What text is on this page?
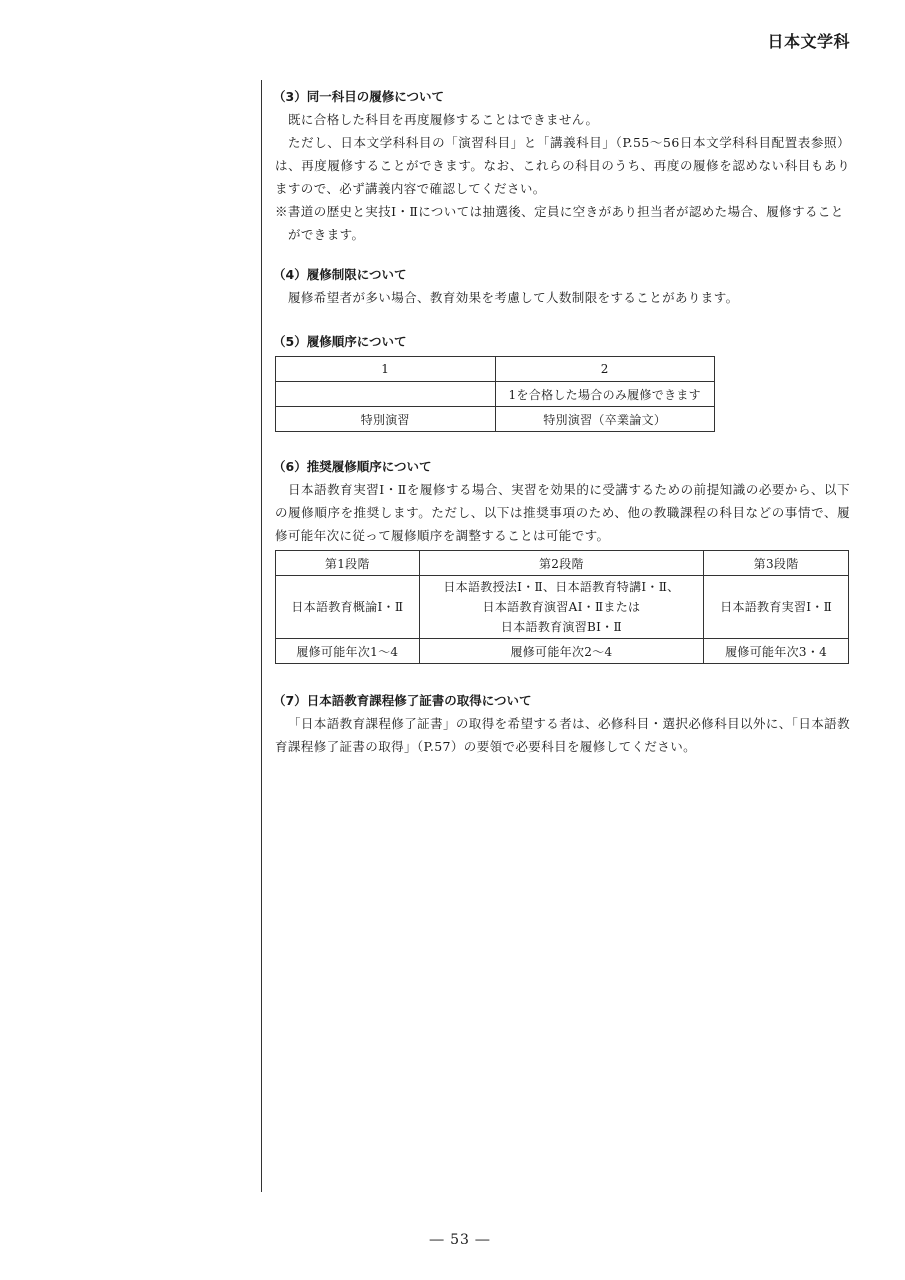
日本文学科
（3）同一科目の履修について

既に合格した科目を再度履修することはできません。

ただし、日本文学科科目の「演習科目」と「講義科目」（P.55～56日本文学科科目配置表参照）は、再度履修することができます。なお、これらの科目のうち、再度の履修を認めない科目もありますので、必ず講義内容で確認してください。

※書道の歴史と実技Ⅰ・Ⅱについては抽選後、定員に空きがあり担当者が認めた場合、履修することができます。

（4）履修制限について

履修希望者が多い場合、教育効果を考慮して人数制限をすることがあります。

（5）履修順序について
1	2
	1を合格した場合のみ履修できます
特別演習	特別演習（卒業論文）
（6）推奨履修順序について

日本語教育実習Ⅰ・Ⅱを履修する場合、実習を効果的に受講するための前提知識の必要から、以下の履修順序を推奨します。ただし、以下は推奨事項のため、他の教職課程の科目などの事情で、履修可能年次に従って履修順序を調整することは可能です。

第1段階	第2段階	第3段階
日本語教育概論Ⅰ・Ⅱ	日本語教授法Ⅰ・Ⅱ、日本語教育特講Ⅰ・Ⅱ、
日本語教育演習AⅠ・Ⅱまたは
日本語教育演習BⅠ・Ⅱ	日本語教育実習Ⅰ・Ⅱ
履修可能年次1～4	履修可能年次2～4	履修可能年次3・4
（7）日本語教育課程修了証書の取得について

「日本語教育課程修了証書」の取得を希望する者は、必修科目・選択必修科目以外に、「日本語教育課程修了証書の取得」（P.57）の要領で必要科目を履修してください。

― 53 ―
